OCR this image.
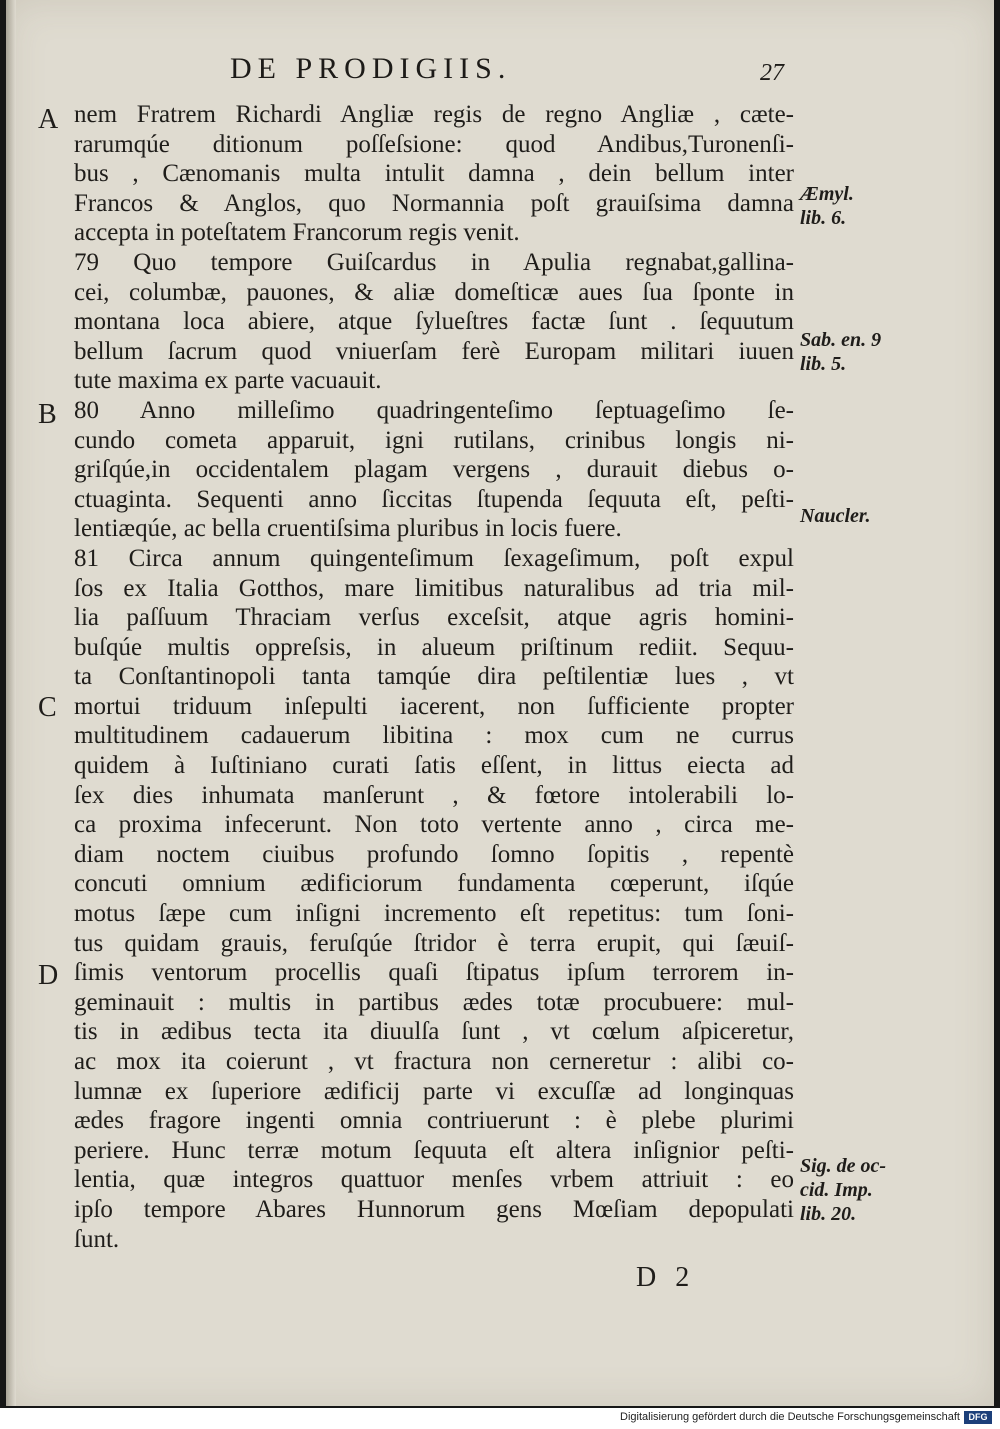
DE PRODIGIIS.	27
A
B
C
D
nem Fratrem Richardi Angliæ regis de regno Angliæ , cæte-
rarumqúe ditionum poſſeſsione: quod Andibus,Turonenſi-
bus , Cænomanis multa intulit damna , dein bellum inter
Francos & Anglos, quo Normannia poſt grauiſsima damna
accepta in poteſtatem Francorum regis venit.
79 Quo tempore Guiſcardus in Apulia regnabat,gallina-
cei, columbæ, pauones, & aliæ domeſticæ aues ſua ſponte in
montana loca abiere, atque ſylueſtres factæ ſunt . ſequutum
bellum ſacrum quod vniuerſam ferè Europam militari iuuen
tute maxima ex parte vacuauit.
80 Anno milleſimo quadringenteſimo ſeptuageſimo ſe-
cundo cometa apparuit, igni rutilans, crinibus longis ni-
griſqúe,in occidentalem plagam vergens , durauit diebus o-
ctuaginta. Sequenti anno ſiccitas ſtupenda ſequuta eſt, peſti-
lentiæqúe, ac bella cruentiſsima pluribus in locis fuere.
81 Circa annum quingenteſimum ſexageſimum, poſt expul
ſos ex Italia Gotthos, mare limitibus naturalibus ad tria mil-
lia paſſuum Thraciam verſus exceſsit, atque agris homini-
buſqúe multis oppreſsis, in alueum priſtinum rediit. Sequu-
ta Conſtantinopoli tanta tamqúe dira peſtilentiæ lues , vt
mortui triduum inſepulti iacerent, non ſufficiente propter
multitudinem cadauerum libitina : mox cum ne currus
quidem à Iuſtiniano curati ſatis eſſent, in littus eiecta ad
ſex dies inhumata manſerunt , & fœtore intolerabili lo-
ca proxima infecerunt. Non toto vertente anno , circa me-
diam noctem ciuibus profundo ſomno ſopitis , repentè
concuti omnium ædificiorum fundamenta cœperunt, iſqúe
motus ſæpe cum inſigni incremento eſt repetitus: tum ſoni-
tus quidam grauis, feruſqúe ſtridor è terra erupit, qui ſæuiſ-
ſimis ventorum procellis quaſi ſtipatus ipſum terrorem in-
geminauit : multis in partibus ædes totæ procubuere: mul-
tis in ædibus tecta ita diuulſa ſunt , vt cœlum aſpiceretur,
ac mox ita coierunt , vt fractura non cerneretur : alibi co-
lumnæ ex ſuperiore ædificij parte vi excuſſæ ad longinquas
ædes fragore ingenti omnia contriuerunt : è plebe plurimi
periere. Hunc terræ motum ſequuta eſt altera inſignior peſti-
lentia, quæ integros quattuor menſes vrbem attriuit : eo
ipſo tempore Abares Hunnorum gens Mœſiam depopulati
ſunt.
Æmyl.
lib. 6.
Sab. en. 9
lib. 5.
Naucler.
Sig. de oc-
cid. Imp.
lib. 20.
D 2
Digitalisierung gefördert durch die Deutsche Forschungsgemeinschaft DFG
